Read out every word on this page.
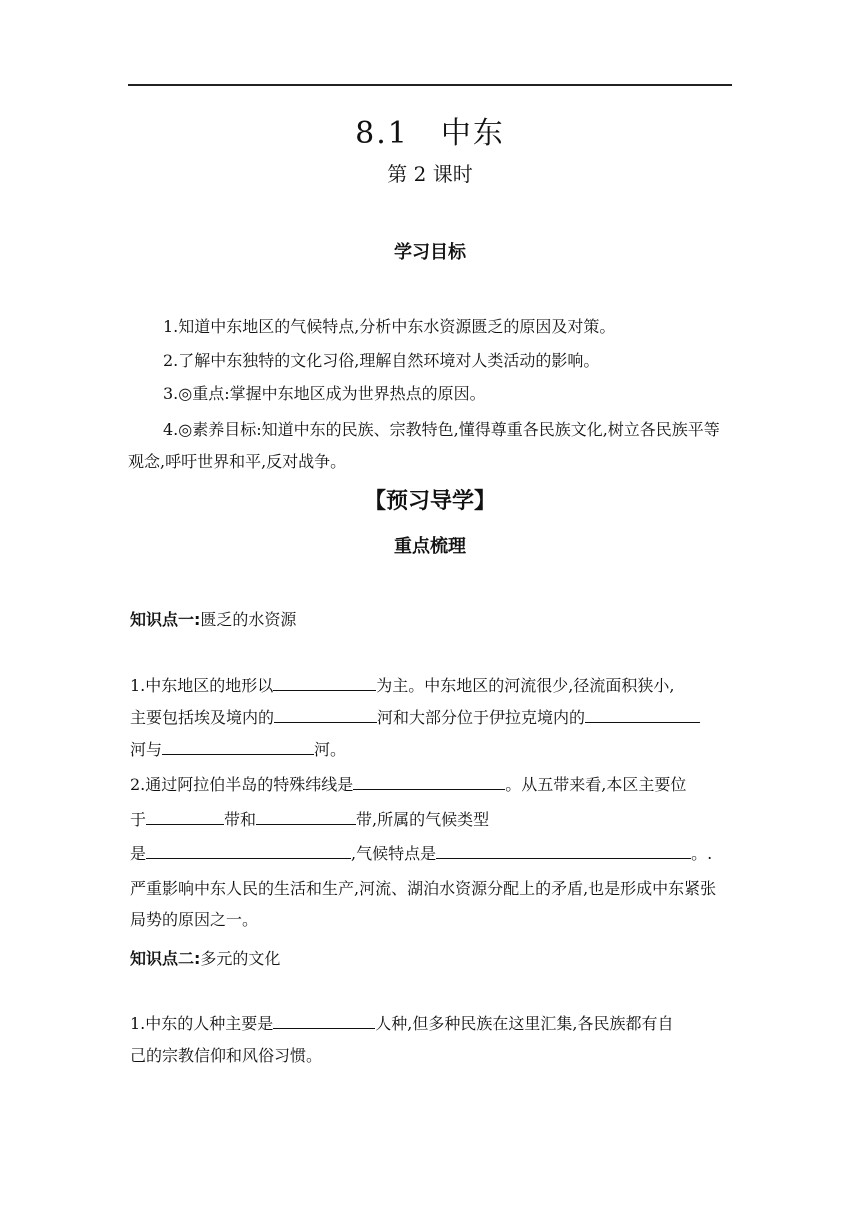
8.1　中东
第 2 课时
学习目标
1.知道中东地区的气候特点,分析中东水资源匮乏的原因及对策。
2.了解中东独特的文化习俗,理解自然环境对人类活动的影响。
3.◎重点:掌握中东地区成为世界热点的原因。
4.◎素养目标:知道中东的民族、宗教特色,懂得尊重各民族文化,树立各民族平等观念,呼吁世界和平,反对战争。
【预习导学】
重点梳理
知识点一:匮乏的水资源
1.中东地区的地形以	为主。中东地区的河流很少,径流面积狭小,
主要包括埃及境内的	河和大部分位于伊拉克境内的
河与	河。
2.通过阿拉伯半岛的特殊纬线是	。从五带来看,本区主要位
于	带和	带,所属的气候类型
是	,气候特点是	。.
严重影响中东人民的生活和生产,河流、湖泊水资源分配上的矛盾,也是形成中东紧张局势的原因之一。
知识点二:多元的文化
1.中东的人种主要是	人种,但多种民族在这里汇集,各民族都有自
己的宗教信仰和风俗习惯。
